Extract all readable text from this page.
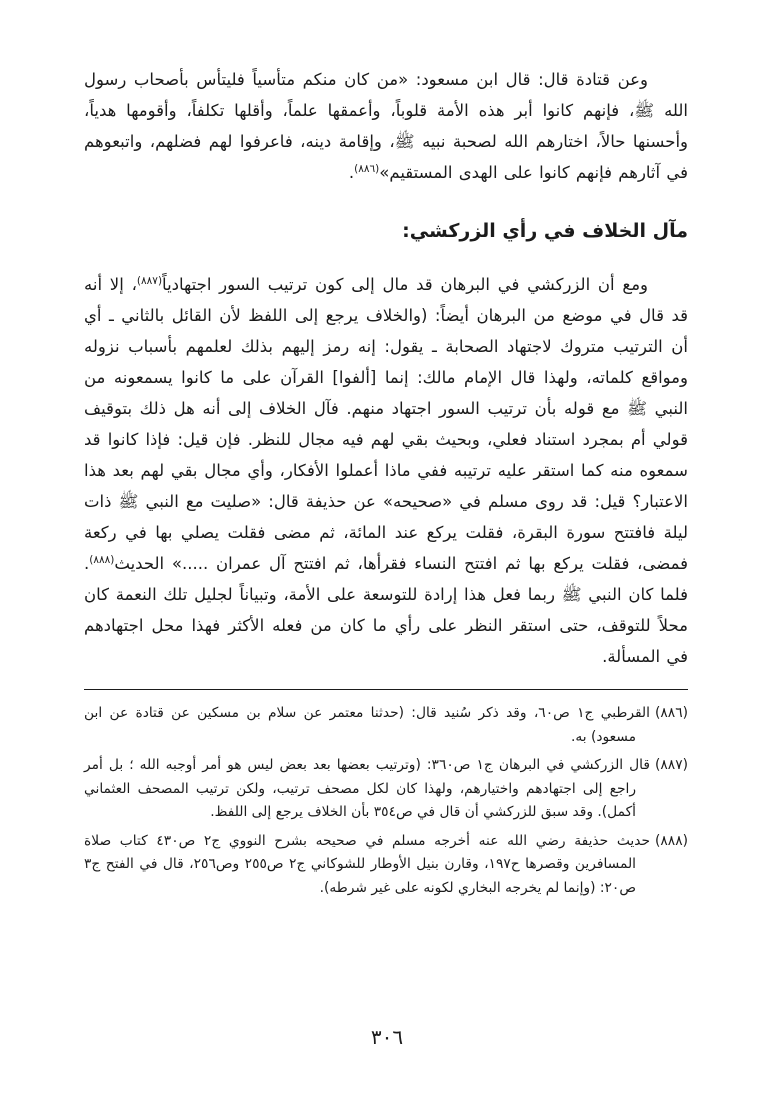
وعن قتادة قال: قال ابن مسعود: «من كان منكم متأسياً فليتأس بأصحاب رسول الله ﷺ، فإنهم كانوا أبر هذه الأمة قلوباً، وأعمقها علماً، وأقلها تكلفاً، وأقومها هدياً، وأحسنها حالاً، اختارهم الله لصحبة نبيه ﷺ، وإقامة دينه، فاعرفوا لهم فضلهم، واتبعوهم في آثارهم فإنهم كانوا على الهدى المستقيم»$^{(٨٨٦)}$.

مآل الخلاف في رأي الزركشي:

ومع أن الزركشي في البرهان قد مال إلى كون ترتيب السور اجتهادياً$^{(٨٨٧)}$، إلا أنه قد قال في موضع من البرهان أيضاً: (والخلاف يرجع إلى اللفظ لأن القائل بالثاني ـ أي أن الترتيب متروك لاجتهاد الصحابة ـ يقول: إنه رمز إليهم بذلك لعلمهم بأسباب نزوله ومواقع كلماته، ولهذا قال الإمام مالك: إنما [ألفوا] القرآن على ما كانوا يسمعونه من النبي ﷺ مع قوله بأن ترتيب السور اجتهاد منهم. فآل الخلاف إلى أنه هل ذلك بتوقيف قولي أم بمجرد استناد فعلي، وبحيث بقي لهم فيه مجال للنظر. فإن قيل: فإذا كانوا قد سمعوه منه كما استقر عليه ترتيبه ففي ماذا أعملوا الأفكار، وأي مجال بقي لهم بعد هذا الاعتبار؟ قيل: قد روى مسلم في «صحيحه» عن حذيفة قال: «صليت مع النبي ﷺ ذات ليلة فافتتح سورة البقرة، فقلت يركع عند المائة، ثم مضى فقلت يصلي بها في ركعة فمضى، فقلت يركع بها ثم افتتح النساء فقرأها، ثم افتتح آل عمران .....» الحديث$^{(٨٨٨)}$. فلما كان النبي ﷺ ربما فعل هذا إرادة للتوسعة على الأمة، وتبياناً لجليل تلك النعمة كان محلاً للتوقف، حتى استقر النظر على رأي ما كان من فعله الأكثر فهذا محل اجتهادهم في المسألة.

(٨٨٦)القرطبي ج١ ص٦٠، وقد ذكر سُنيد قال: (حدثنا معتمر عن سلام بن مسكين عن قتادة عن ابن مسعود) به.

(٨٨٧)قال الزركشي في البرهان ج١ ص٣٦٠: (وترتيب بعضها بعد بعض ليس هو أمر أوجبه الله ؛ بل أمر راجع إلى اجتهادهم واختيارهم، ولهذا كان لكل مصحف ترتيب، ولكن ترتيب المصحف العثماني أكمل). وقد سبق للزركشي أن قال في ص٣٥٤ بأن الخلاف يرجع إلى اللفظ.

(٨٨٨)حديث حذيفة رضي الله عنه أخرجه مسلم في صحيحه بشرح النووي ج٢ ص٤٣٠ كتاب صلاة المسافرين وقصرها ح١٩٧، وقارن بنيل الأوطار للشوكاني ج٢ ص٢٥٥ وص٢٥٦، قال في الفتح ج٣ ص٢٠: (وإنما لم يخرجه البخاري لكونه على غير شرطه).

٣٠٦
